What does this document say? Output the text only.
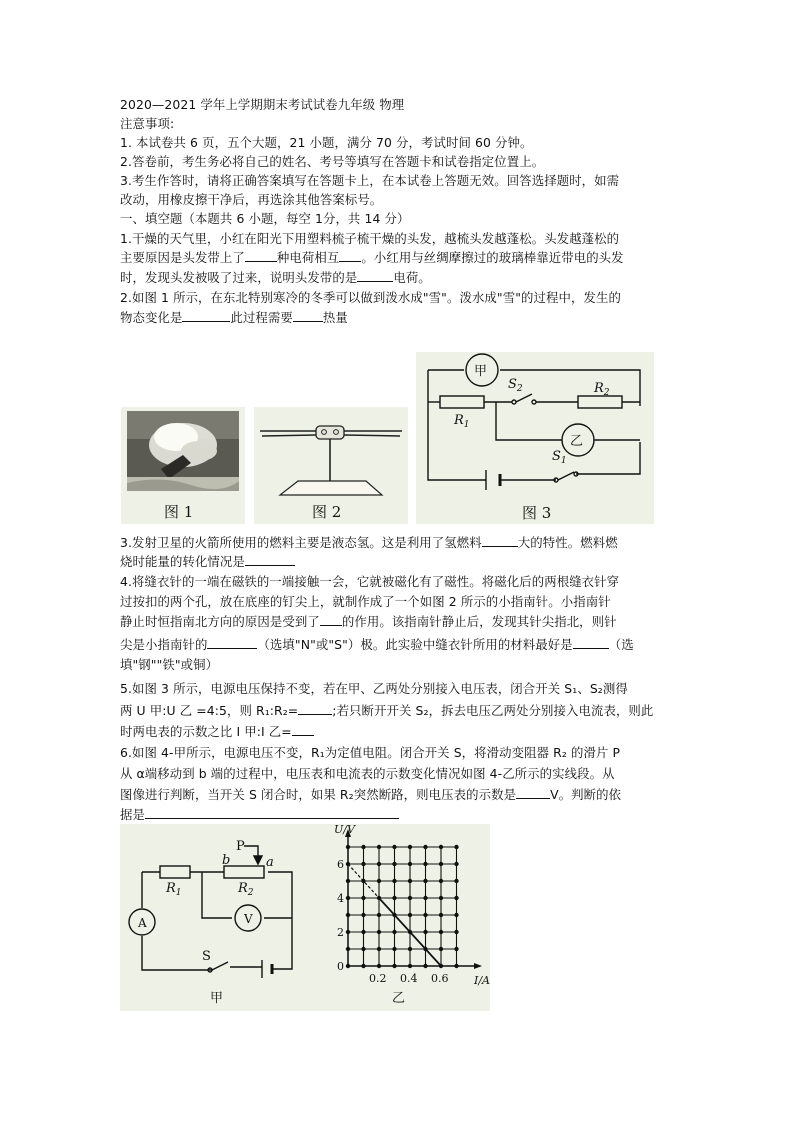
2020—2021 学年上学期期末考试试卷九年级 物理
注意事项:
1. 本试卷共 6 页，五个大题，21 小题，满分 70 分，考试时间 60 分钟。
2.答卷前，考生务必将自己的姓名、考号等填写在答题卡和试卷指定位置上。
3.考生作答时，请将正确答案填写在答题卡上，在本试卷上答题无效。回答选择题时，如需
改动，用橡皮擦干净后，再选涂其他答案标号。
一、填空题（本题共 6 小题，每空 1分，共 14 分）
1.干燥的天气里，小红在阳光下用塑料梳子梳干燥的头发，越梳头发越蓬松。头发越蓬松的
主要原因是头发带上了	种电荷相互 。小红用与丝绸摩擦过的玻璃棒靠近带电的头发
时，发现头发被吸了过来，说明头发带的是	电荷。
2.如图 1 所示，在东北特别寒冷的冬季可以做到泼水成"雪"。泼水成"雪"的过程中，发生的
物态变化是	此过程需要 热量
图 1	图 2
甲
乙
$R_1$
$R_2$
$S_2$
$S_1$
图 3
3.发射卫星的火箭所使用的燃料主要是液态氢。这是利用了氢燃料	大的特性。燃料燃
烧时能量的转化情况是
4.将缝衣针的一端在磁铁的一端接触一会，它就被磁化有了磁性。将磁化后的两根缝衣针穿
过按扣的两个孔，放在底座的钉尖上，就制作成了一个如图 2 所示的小指南针。小指南针
静止时恒指南北方向的原因是受到了 的作用。该指南针静止后，发现其针尖指北，则针
尖是小指南针的	（选填"N"或"S"）极。此实验中缝衣针所用的材料最好是	（选
填"钢""铁"或铜）
5.如图 3 所示，电源电压保持不变，若在甲、乙两处分别接入电压表，闭合开关 S₁、S₂测得
两 U 甲:U 乙 =4:5，则 R₁:R₂=	;若只断开开关 S₂，拆去电压乙两处分别接入电流表，则此
时两电表的示数之比 I 甲:I 乙=
6.如图 4-甲所示，电源电压不变，R₁为定值电阻。闭合开关 S，将滑动变阻器 R₂ 的滑片 P
从 α端移动到 b 端的过程中，电压表和电流表的示数变化情况如图 4-乙所示的实线段。从
图像进行判断，当开关 S 闭合时，如果 R₂突然断路，则电压表的示数是	V。判断的依
据是
A	V
P
b	a
$R_1$	$R_2$
S
甲
U/V
I/A
0
2
4
6
0.2 0.4 0.6
乙
